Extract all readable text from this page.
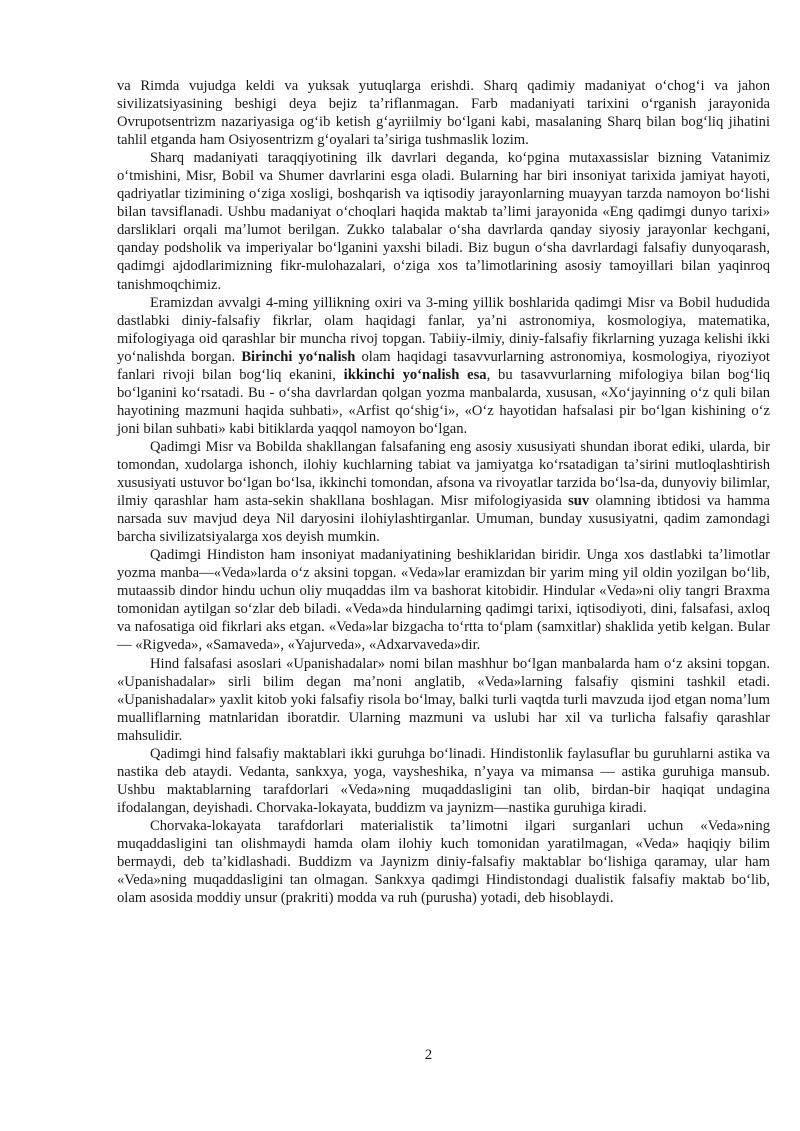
va Rimda vujudga keldi va yuksak yutuqlarga erishdi. Sharq qadimiy madaniyat oʻchogʻi va jahon sivilizatsiyasining beshigi deya bejiz taʼriflanmagan. Farb madaniyati tarixini oʻrganish jarayonida Ovrupotsentrizm nazariyasiga ogʻib ketish gʻayriilmiy boʻlgani kabi, masalaning Sharq bilan bogʻliq jihatini tahlil etganda ham Osiyosentrizm gʻoyalari taʼsiriga tushmaslik lozim.

Sharq madaniyati taraqqiyotining ilk davrlari deganda, koʻpgina mutaxassislar bizning Vatanimiz oʻtmishini, Misr, Bobil va Shumer davrlarini esga oladi. Bularning har biri insoniyat tarixida jamiyat hayoti, qadriyatlar tizimining oʻziga xosligi, boshqarish va iqtisodiy jarayonlarning muayyan tarzda namoyon boʻlishi bilan tavsiflanadi. Ushbu madaniyat oʻchoqlari haqida maktab taʼlimi jarayonida «Eng qadimgi dunyo tarixi» darsliklari orqali maʼlumot berilgan. Zukko talabalar oʻsha davrlarda qanday siyosiy jarayonlar kechgani, qanday podsholik va imperiyalar boʻlganini yaxshi biladi. Biz bugun oʻsha davrlardagi falsafiy dunyoqarash, qadimgi ajdodlarimizning fikr-mulohazalari, oʻziga xos taʼlimotlarining asosiy tamoyillari bilan yaqinroq tanishmoqchimiz.

Eramizdan avvalgi 4-ming yillikning oxiri va 3-ming yillik boshlarida qadimgi Misr va Bobil hududida dastlabki diniy-falsafiy fikrlar, olam haqidagi fanlar, yaʼni astronomiya, kosmologiya, matematika, mifologiyaga oid qarashlar bir muncha rivoj topgan. Tabiiy-ilmiy, diniy-falsafiy fikrlarning yuzaga kelishi ikki yoʻnalishda borgan. Birinchi yoʻnalish olam haqidagi tasavvurlarning astronomiya, kosmologiya, riyoziyot fanlari rivoji bilan bogʻliq ekanini, ikkinchi yoʻnalish esa, bu tasavvurlarning mifologiya bilan bogʻliq boʻlganini koʻrsatadi. Bu - oʻsha davrlardan qolgan yozma manbalarda, xususan, «Xoʻjayinning oʻz quli bilan hayotining mazmuni haqida suhbati», «Arfist qoʻshigʻi», «Oʻz hayotidan hafsalasi pir boʻlgan kishining oʻz joni bilan suhbati» kabi bitiklarda yaqqol namoyon boʻlgan.

Qadimgi Misr va Bobilda shakllangan falsafaning eng asosiy xususiyati shundan iborat ediki, ularda, bir tomondan, xudolarga ishonch, ilohiy kuchlarning tabiat va jamiyatga koʻrsatadigan taʼsirini mutloqlashtirish xususiyati ustuvor boʻlgan boʻlsa, ikkinchi tomondan, afsona va rivoyatlar tarzida boʻlsa-da, dunyoviy bilimlar, ilmiy qarashlar ham asta-sekin shakllana boshlagan. Misr mifologiyasida suv olamning ibtidosi va hamma narsada suv mavjud deya Nil daryosini ilohiylashtirganlar. Umuman, bunday xususiyatni, qadim zamondagi barcha sivilizatsiyalarga xos deyish mumkin.

Qadimgi Hindiston ham insoniyat madaniyatining beshiklaridan biridir. Unga xos dastlabki taʼlimotlar yozma manba—«Veda»larda oʻz aksini topgan. «Veda»lar eramizdan bir yarim ming yil oldin yozilgan boʻlib, mutaassib dindor hindu uchun oliy muqaddas ilm va bashorat kitobidir. Hindular «Veda»ni oliy tangri Braxma tomonidan aytilgan soʻzlar deb biladi. «Veda»da hindularning qadimgi tarixi, iqtisodiyoti, dini, falsafasi, axloq va nafosatiga oid fikrlari aks etgan. «Veda»lar bizgacha toʻrtta toʻplam (samxitlar) shaklida yetib kelgan. Bular — «Rigveda», «Samaveda», «Yajurveda», «Adxarvaveda»dir.

Hind falsafasi asoslari «Upanishadalar» nomi bilan mashhur boʻlgan manbalarda ham oʻz aksini topgan. «Upanishadalar» sirli bilim degan maʼnoni anglatib, «Veda»larning falsafiy qismini tashkil etadi. «Upanishadalar» yaxlit kitob yoki falsafiy risola boʻlmay, balki turli vaqtda turli mavzuda ijod etgan nomaʼlum mualliflarning matnlaridan iboratdir. Ularning mazmuni va uslubi har xil va turlicha falsafiy qarashlar mahsulidir.

Qadimgi hind falsafiy maktablari ikki guruhga boʻlinadi. Hindistonlik faylasuflar bu guruhlarni astika va nastika deb ataydi. Vedanta, sankxya, yoga, vaysheshika, nʼyaya va mimansa — astika guruhiga mansub. Ushbu maktablarning tarafdorlari «Veda»ning muqaddasligini tan olib, birdan-bir haqiqat undagina ifodalangan, deyishadi. Chorvaka-lokayata, buddizm va jaynizm—nastika guruhiga kiradi.

Chorvaka-lokayata tarafdorlari materialistik taʼlimotni ilgari surganlari uchun «Veda»ning muqaddasligini tan olishmaydi hamda olam ilohiy kuch tomonidan yaratilmagan, «Veda» haqiqiy bilim bermaydi, deb taʼkidlashadi. Buddizm va Jaynizm diniy-falsafiy maktablar boʻlishiga qaramay, ular ham «Veda»ning muqaddasligini tan olmagan. Sankxya qadimgi Hindistondagi dualistik falsafiy maktab boʻlib, olam asosida moddiy unsur (prakriti) modda va ruh (purusha) yotadi, deb hisoblaydi.

2
